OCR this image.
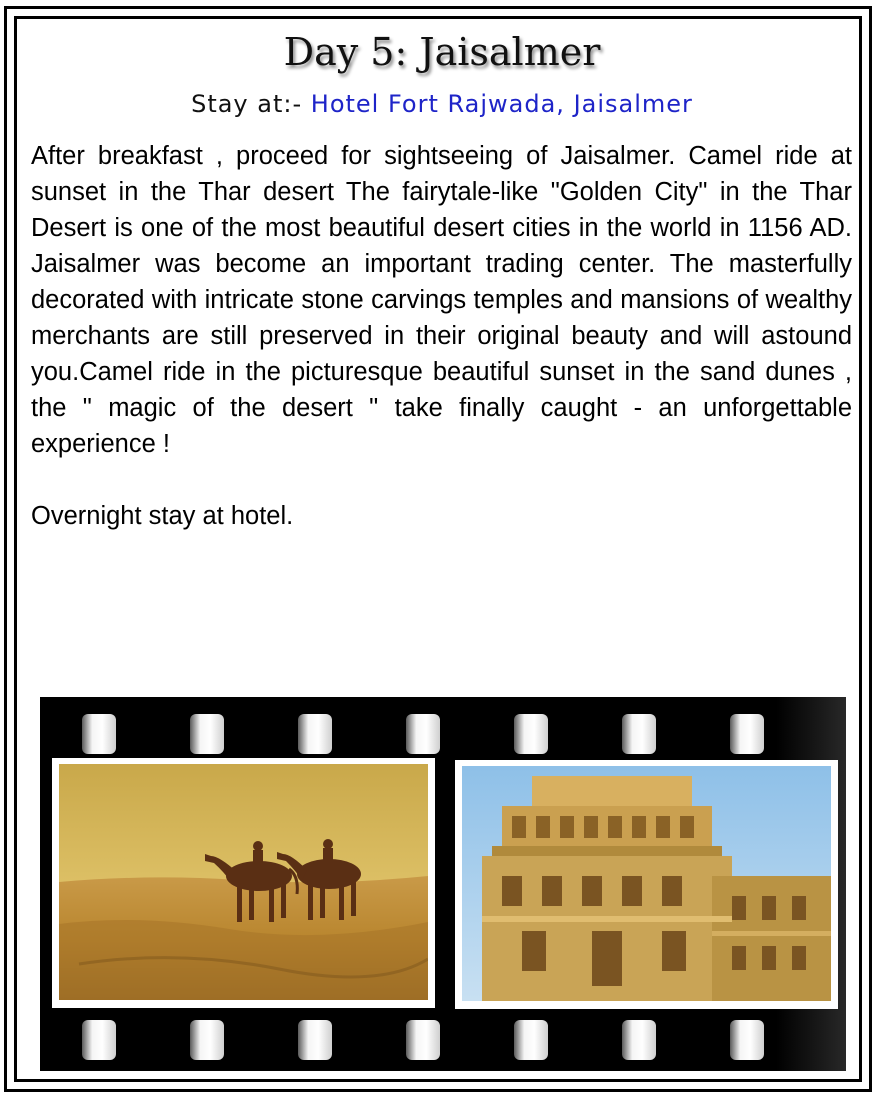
Day 5: Jaisalmer
Stay at:- Hotel Fort Rajwada, Jaisalmer
After breakfast , proceed for sightseeing of Jaisalmer. Camel ride at sunset in the Thar desert The fairytale-like "Golden City" in the Thar Desert is one of the most beautiful desert cities in the world in 1156 AD. Jaisalmer was become an important trading center. The masterfully decorated with intricate stone carvings temples and mansions of wealthy merchants are still preserved in their original beauty and will astound you.Camel ride in the picturesque beautiful sunset in the sand dunes , the " magic of the desert " take finally caught - an unforgettable experience !
Overnight stay at hotel.
